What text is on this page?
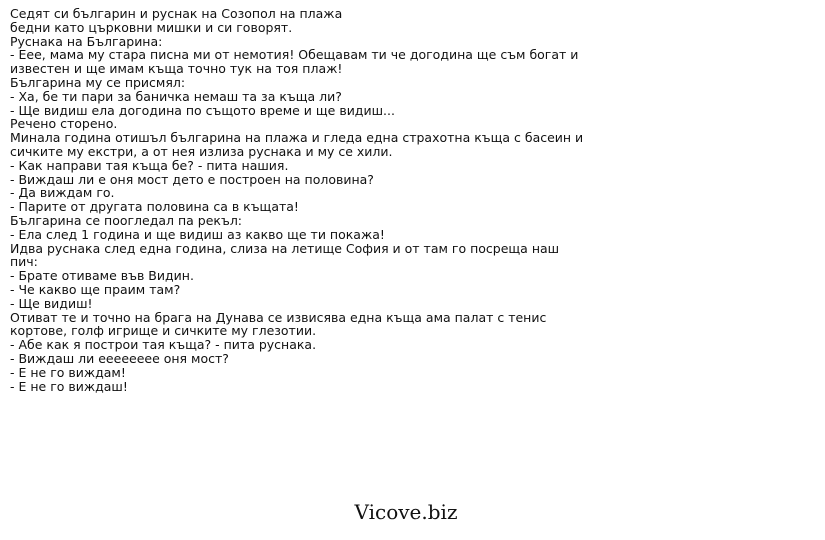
Седят си българин и руснак на Созопол на плажа
бедни като църковни мишки и си говорят.
Руснака на Българина:
- Еее, мама му стара писна ми от немотия! Обещавам ти че догодина ще съм богат и
известен и ще имам къща точно тук на тоя плаж!
Българина му се присмял:
- Ха, бе ти пари за баничка немаш та за къща ли?
- Ще видиш ела догодина по същото време и ще видиш...
Речено сторено.
Минала година отишъл българина на плажа и гледа една страхотна къща с басеин и
сичките му екстри, а от нея излиза руснака и му се хили.
- Как направи тая къща бе? - пита нашия.
- Виждаш ли е оня мост дето е построен на половина?
- Да виждам го.
- Парите от другата половина са в къщата!
Българина се поогледал па рекъл:
- Ела след 1 година и ще видиш аз какво ще ти покажа!
Идва руснака след една година, слиза на летище София и от там го посреща наш
пич:
- Брате отиваме във Видин.
- Че какво ще праим там?
- Ще видиш!
Отиват те и точно на брага на Дунава се извисява една къща ама палат с тенис
кортове, голф игрище и сичките му глезотии.
- Абе как я построи тая къща? - пита руснака.
- Виждаш ли ееееееее оня мост?
- Е не го виждам!
- Е не го виждаш!
Vicove.biz
